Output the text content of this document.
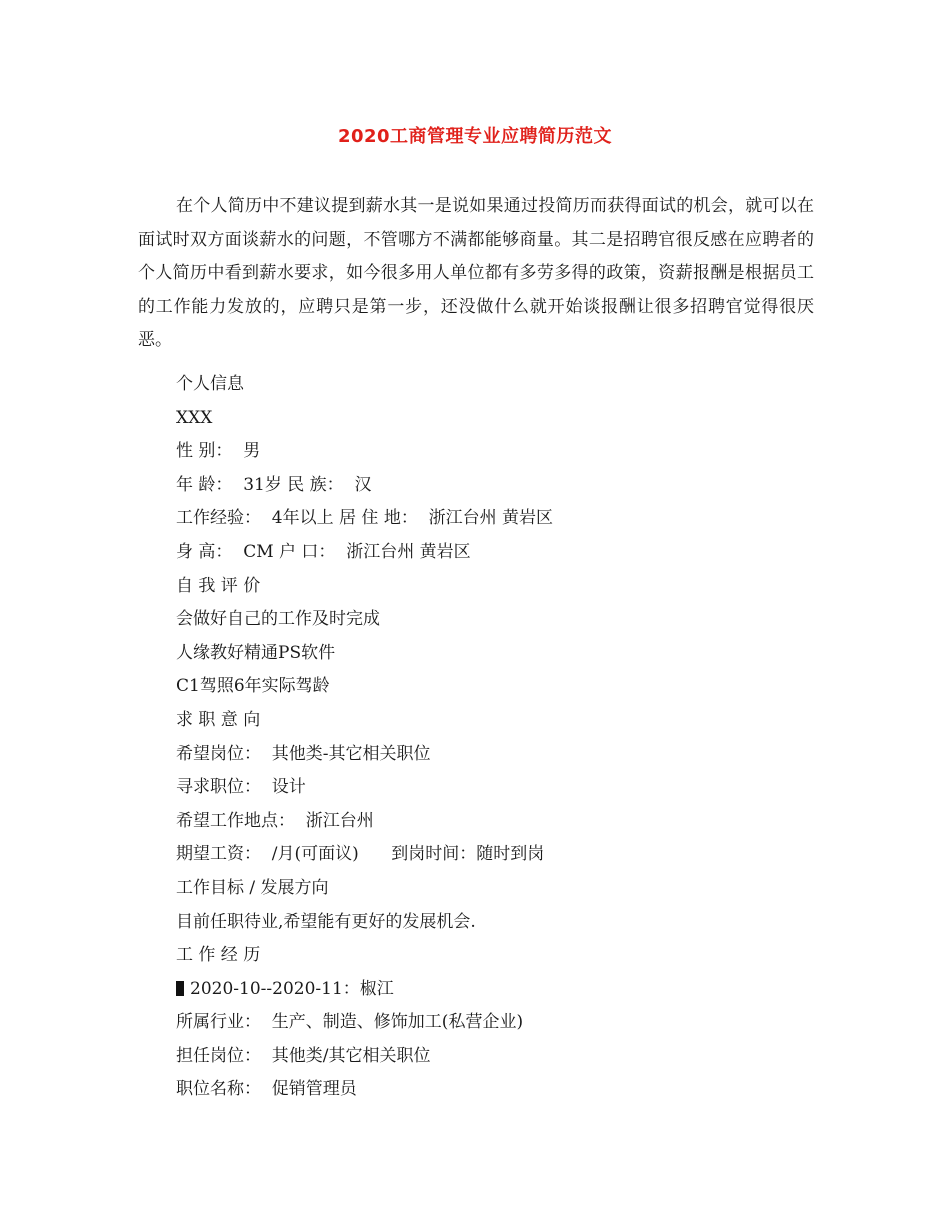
2020工商管理专业应聘简历范文

在个人简历中不建议提到薪水其一是说如果通过投简历而获得面试的机会，就可以在面试时双方面谈薪水的问题，不管哪方不满都能够商量。其二是招聘官很反感在应聘者的个人简历中看到薪水要求，如今很多用人单位都有多劳多得的政策，资薪报酬是根据员工的工作能力发放的，应聘只是第一步，还没做什么就开始谈报酬让很多招聘官觉得很厌恶。

个人信息
XXX
性 别：  男
年 龄：  31岁 民 族：  汉
工作经验：  4年以上 居 住 地：  浙江台州 黄岩区
身 高：  CM 户 口：  浙江台州 黄岩区
自 我 评 价
会做好自己的工作及时完成
人缘教好精通PS软件
C1驾照6年实际驾龄
求 职 意 向
希望岗位：  其他类-其它相关职位
寻求职位：  设计
希望工作地点：  浙江台州
期望工资：  /月(可面议)      到岗时间：随时到岗
工作目标 / 发展方向
目前任职待业,希望能有更好的发展机会.
工 作 经 历
2020-10--2020-11：椒江
所属行业：  生产、制造、修饰加工(私营企业)
担任岗位：  其他类/其它相关职位
职位名称：  促销管理员
